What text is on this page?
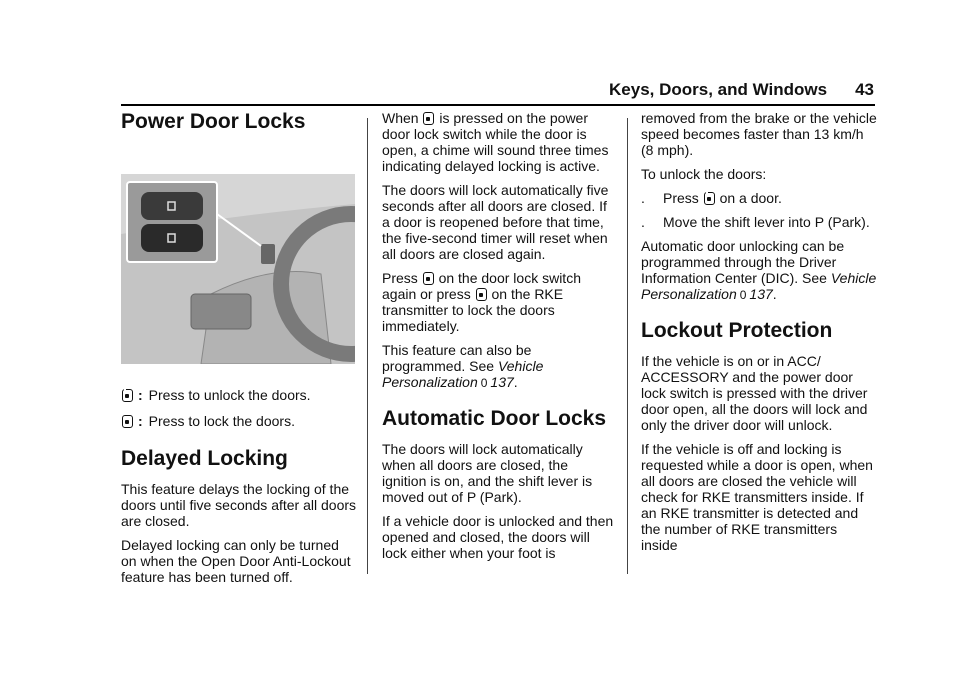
Keys, Doors, and Windows 43
Power Door Locks
: Press to unlock the doors.
: Press to lock the doors.
Delayed Locking

This feature delays the locking of the doors until five seconds after all doors are closed.

Delayed locking can only be turned on when the Open Door Anti-Lockout feature has been turned off.

When is pressed on the power door lock switch while the door is open, a chime will sound three times indicating delayed locking is active.

The doors will lock automatically five seconds after all doors are closed. If a door is reopened before that time, the five-second timer will reset when all doors are closed again.

Press on the door lock switch again or press on the RKE transmitter to lock the doors immediately.

This feature can also be programmed. See Vehicle Personalization 0 137.

Automatic Door Locks

The doors will lock automatically when all doors are closed, the ignition is on, and the shift lever is moved out of P (Park).

If a vehicle door is unlocked and then opened and closed, the doors will lock either when your foot is

removed from the brake or the vehicle speed becomes faster than 13 km/h (8 mph).

To unlock the doors:

.	Press on a door.
.	Move the shift lever into P (Park).

Automatic door unlocking can be programmed through the Driver Information Center (DIC). See Vehicle Personalization 0 137.

Lockout Protection

If the vehicle is on or in ACC/ ACCESSORY and the power door lock switch is pressed with the driver door open, all the doors will lock and only the driver door will unlock.

If the vehicle is off and locking is requested while a door is open, when all doors are closed the vehicle will check for RKE transmitters inside. If an RKE transmitter is detected and the number of RKE transmitters inside
